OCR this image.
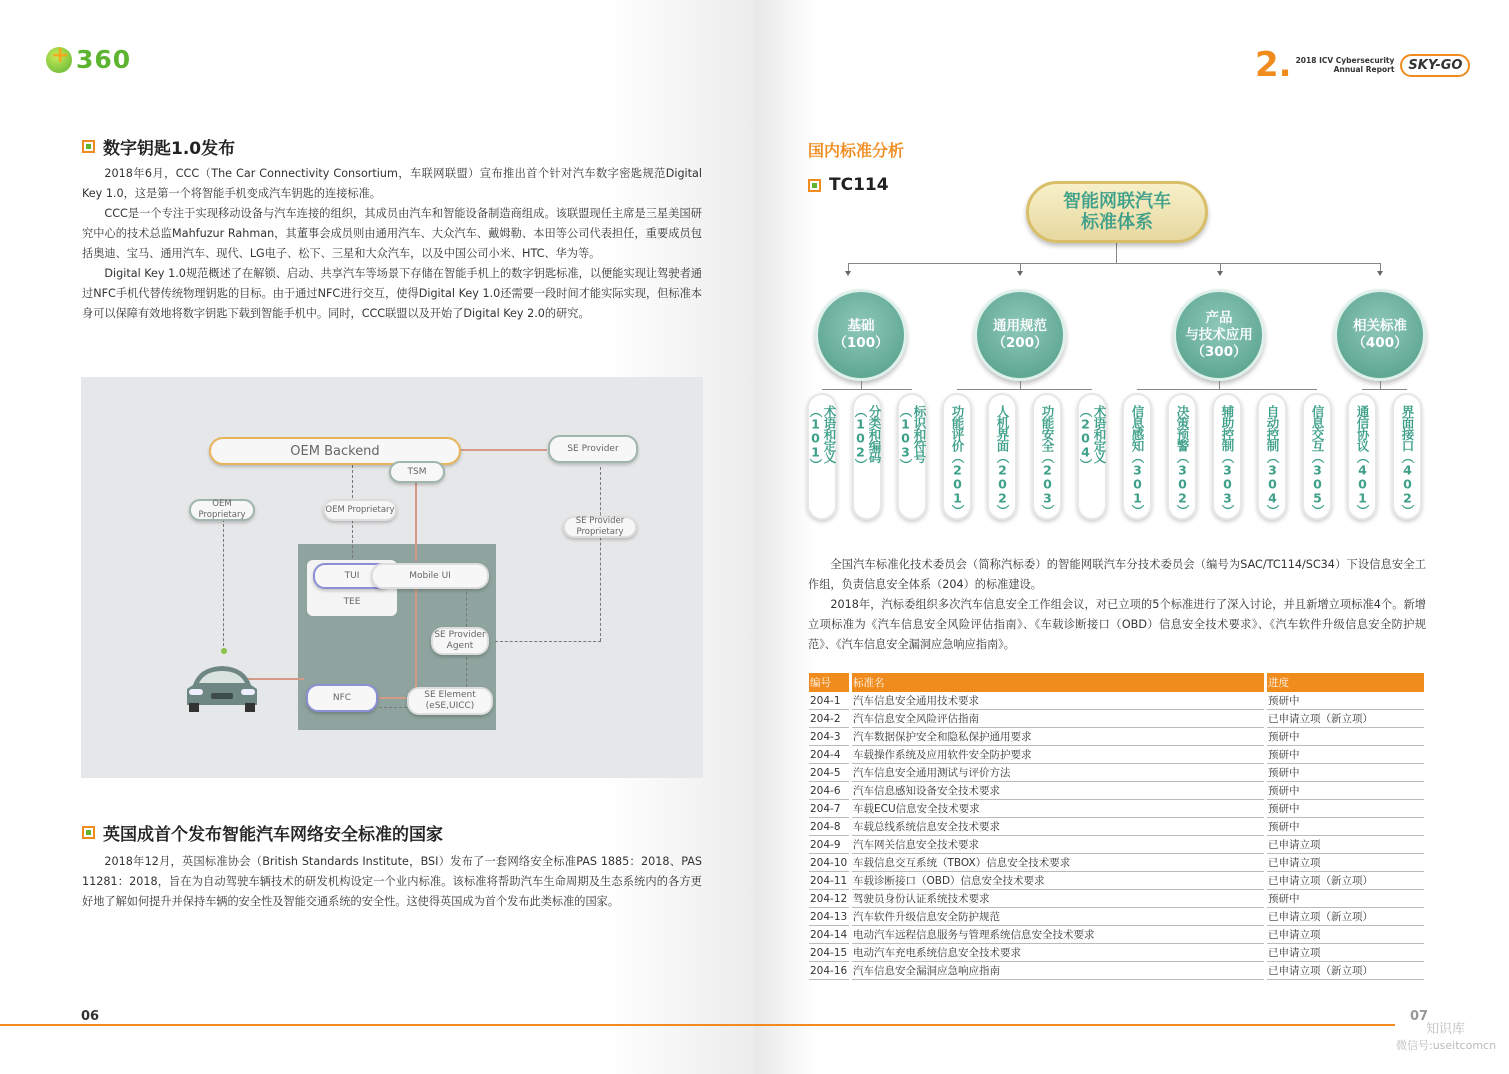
+
360
数字钥匙1.0发布

2018年6月，CCC（The Car Connectivity Consortium，车联网联盟）宣布推出首个针对汽车数字密匙规范Digital Key 1.0，这是第一个将智能手机变成汽车钥匙的连接标准。

CCC是一个专注于实现移动设备与汽车连接的组织，其成员由汽车和智能设备制造商组成。该联盟现任主席是三星美国研究中心的技术总监Mahfuzur Rahman，其董事会成员则由通用汽车、大众汽车、戴姆勒、本田等公司代表担任，重要成员包括奥迪、宝马、通用汽车、现代、LG电子、松下、三星和大众汽车，以及中国公司小米、HTC、华为等。

Digital Key 1.0规范概述了在解锁、启动、共享汽车等场景下存储在智能手机上的数字钥匙标准，以便能实现让驾驶者通过NFC手机代替传统物理钥匙的目标。由于通过NFC进行交互，使得Digital Key 1.0还需要一段时间才能实际实现，但标准本身可以保障有效地将数字钥匙下载到智能手机中。同时，CCC联盟以及开始了Digital Key 2.0的研究。

OEM Backend	SE Provider
TSM
OEM Proprietary
OEM Proprietary
SE Provider Proprietary
TUI
TEE
Mobile UI
SE Provider Agent
NFC	SE Element (eSE,UICC)
英国成首个发布智能汽车网络安全标准的国家

2018年12月，英国标准协会（British Standards Institute，BSI）发布了一套网络安全标准PAS 1885：2018、PAS 11281：2018，旨在为自动驾驶车辆技术的研发机构设定一个业内标准。该标准将帮助汽车生命周期及生态系统内的各方更好地了解如何提升并保持车辆的安全性及智能交通系统的安全性。这使得英国成为首个发布此类标准的国家。

06
2. 2018 ICV Cybersecurity
Annual Report	SKY-GO
国内标准分析
TC114
智能网联汽车
标准体系
基础
（100）
通用规范
（200）
产品
与技术应用
（300）
相关标准
（400）
术语和定义（101）	分类和编码（102）	标识和符号（103）	功能评价（201） 人机界面（202） 功能安全（203）	术语和定义（204）	信息感知（301） 决策预警（302） 辅助控制（303） 自动控制（304） 信息交互（305） 通信协议（401） 界面接口（402）

全国汽车标准化技术委员会（简称汽标委）的智能网联汽车分技术委员会（编号为SAC/TC114/SC34）下设信息安全工作组，负责信息安全体系（204）的标准建设。

2018年，汽标委组织多次汽车信息安全工作组会议，对已立项的5个标准进行了深入讨论，并且新增立项标准4个。新增立项标准为《汽车信息安全风险评估指南》、《车载诊断接口（OBD）信息安全技术要求》、《汽车软件升级信息安全防护规范》、《汽车信息安全漏洞应急响应指南》。

编号	标准名	进度
204-1	汽车信息安全通用技术要求	预研中
204-2	汽车信息安全风险评估指南	已申请立项（新立项）
204-3	汽车数据保护安全和隐私保护通用要求	预研中
204-4	车载操作系统及应用软件安全防护要求	预研中
204-5	汽车信息安全通用测试与评价方法	预研中
204-6	汽车信息感知设备安全技术要求	预研中
204-7	车载ECU信息安全技术要求	预研中
204-8	车载总线系统信息安全技术要求	预研中
204-9	汽车网关信息安全技术要求	已申请立项
204-10	车载信息交互系统（TBOX）信息安全技术要求	已申请立项
204-11	车载诊断接口（OBD）信息安全技术要求	已申请立项（新立项）
204-12	驾驶员身份认证系统技术要求	预研中
204-13	汽车软件升级信息安全防护规范	已申请立项（新立项）
204-14	电动汽车远程信息服务与管理系统信息安全技术要求	已申请立项
204-15	电动汽车充电系统信息安全技术要求	已申请立项
204-16	汽车信息安全漏洞应急响应指南	已申请立项（新立项）
07
知识库
微信号:useitcomcn
